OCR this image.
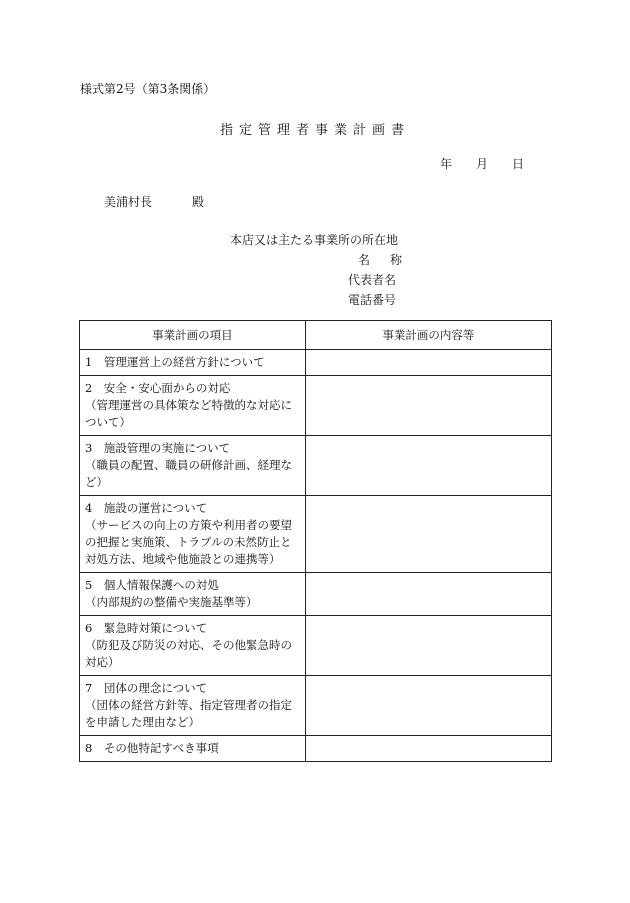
様式第2号（第3条関係）
指定管理者事業計画書
年	月	日
美浦村長	殿
本店又は主たる事業所の所在地
名称
代表者名
電話番号
事業計画の項目	事業計画の内容等
1　管理運営上の経営方針について	
2　安全・安心面からの対応
（管理運営の具体策など特徴的な対応について）	
3　施設管理の実施について
（職員の配置、職員の研修計画、経理など）	
4　施設の運営について
（サービスの向上の方策や利用者の要望の把握と実施策、トラブルの未然防止と対処方法、地域や他施設との連携等）	
5　個人情報保護への対処
（内部規約の整備や実施基準等）	
6　緊急時対策について
（防犯及び防災の対応、その他緊急時の対応）	
7　団体の理念について
（団体の経営方針等、指定管理者の指定を申請した理由など）	
8　その他特記すべき事項	
